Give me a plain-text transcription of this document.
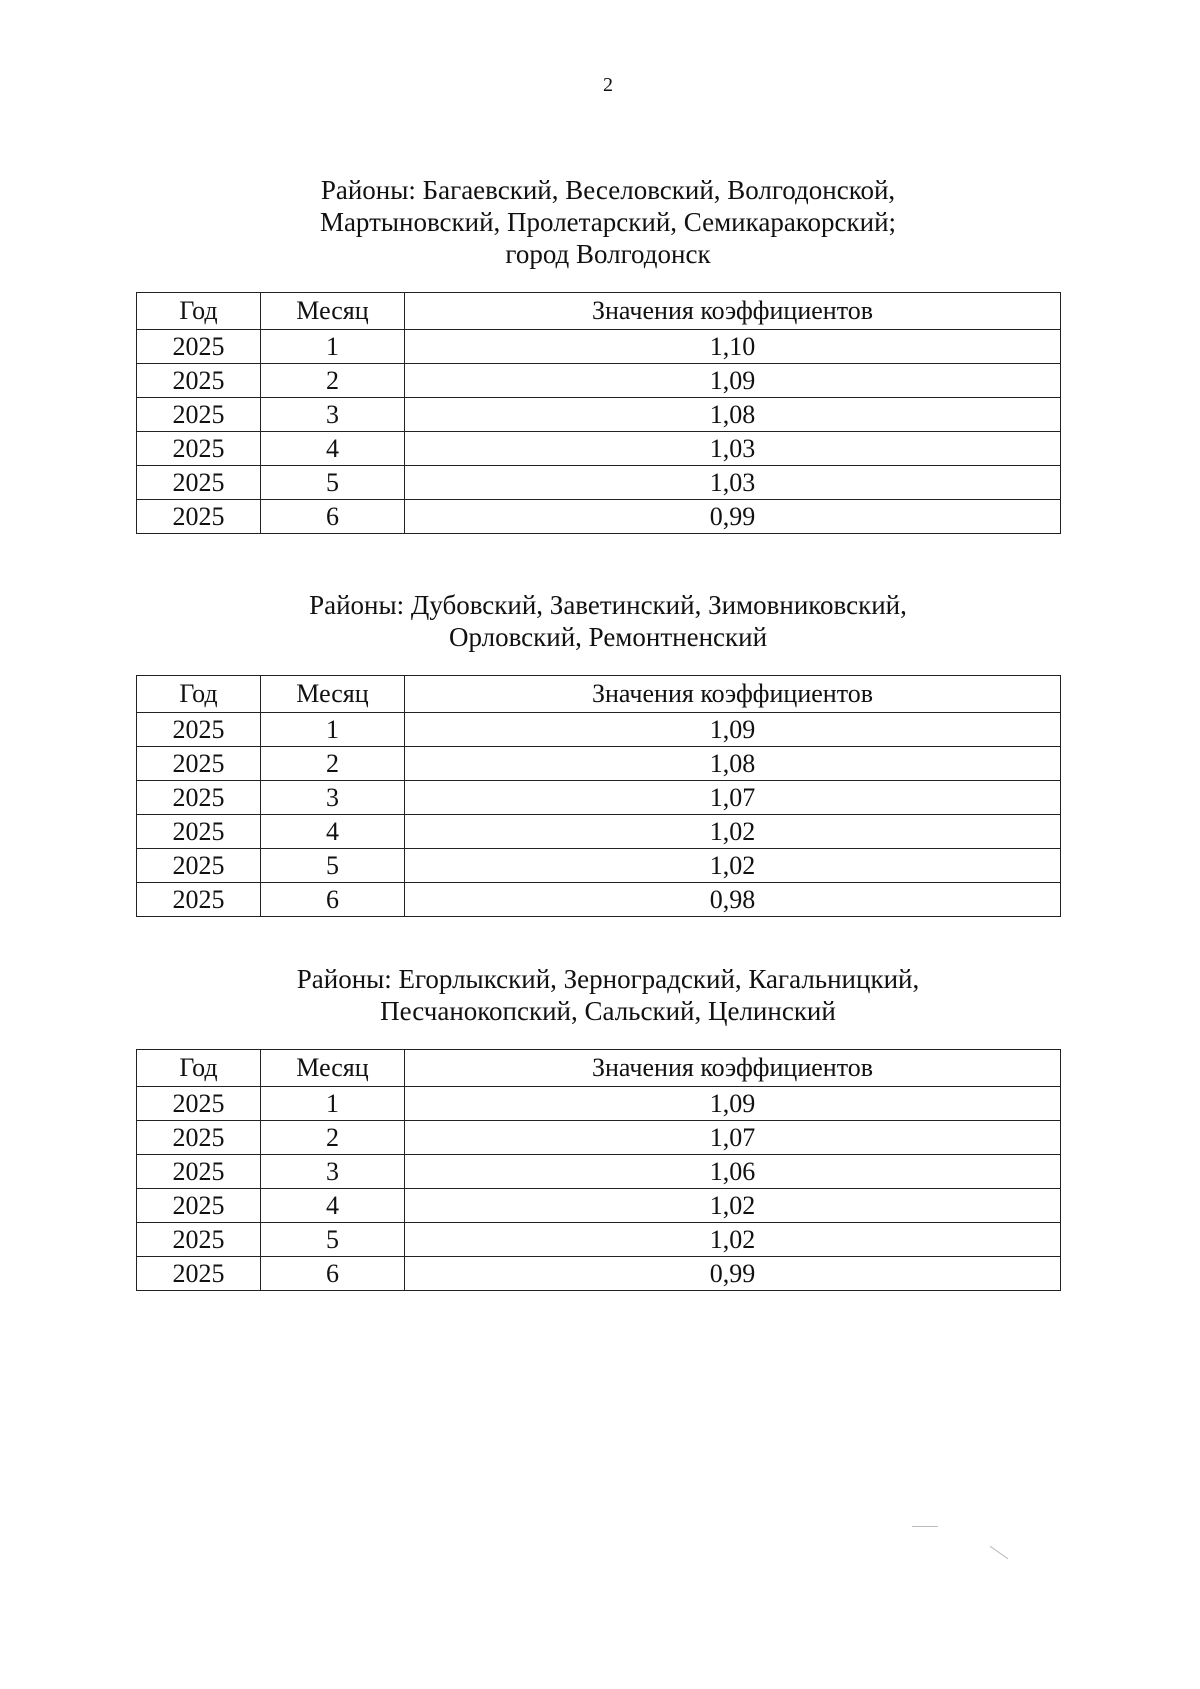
2
Районы: Багаевский, Веселовский, Волгодонской,
Мартыновский, Пролетарский, Семикаракорский;
город Волгодонск
Год	Месяц	Значения коэффициентов
2025	1	1,10
2025	2	1,09
2025	3	1,08
2025	4	1,03
2025	5	1,03
2025	6	0,99
Районы: Дубовский, Заветинский, Зимовниковский,
Орловский, Ремонтненский
Год	Месяц	Значения коэффициентов
2025	1	1,09
2025	2	1,08
2025	3	1,07
2025	4	1,02
2025	5	1,02
2025	6	0,98
Районы: Егорлыкский, Зерноградский, Кагальницкий,
Песчанокопский, Сальский, Целинский
Год	Месяц	Значения коэффициентов
2025	1	1,09
2025	2	1,07
2025	3	1,06
2025	4	1,02
2025	5	1,02
2025	6	0,99
